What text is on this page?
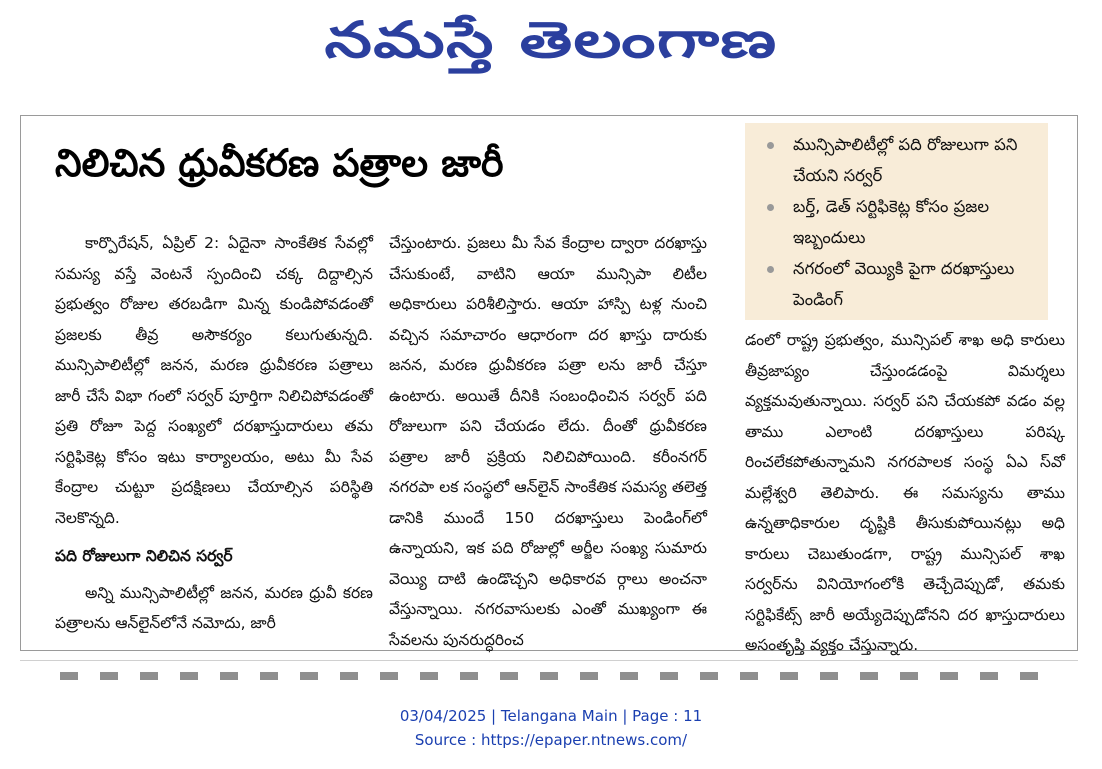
నమస్తే తెలంగాణ
నిలిచిన ధ్రువీకరణ పత్రాల జారీ	మున్సిపాలిటీల్లో పది రోజులుగా పని చేయని సర్వర్
బర్త్, డెత్ సర్టిఫికెట్ల కోసం ప్రజల ఇబ్బందులు
నగరంలో వెయ్యికి పైగా దరఖాస్తులు పెండింగ్

కార్పొరేషన్, ఏప్రిల్ 2: ఏదైనా సాంకేతిక సేవల్లో సమస్య వస్తే వెంటనే స్పందించి చక్క దిద్దాల్సిన ప్రభుత్వం రోజుల తరబడిగా మిన్న కుండిపోవడంతో ప్రజలకు తీవ్ర అసౌకర్యం కలుగుతున్నది. మున్సిపాలిటీల్లో జనన, మరణ ధ్రువీకరణ పత్రాలు జారీ చేసే విభా గంలో సర్వర్ పూర్తిగా నిలిచిపోవడంతో ప్రతి రోజూ పెద్ద సంఖ్యలో దరఖాస్తుదారులు తమ సర్టిఫికెట్ల కోసం ఇటు కార్యాలయం, అటు మీ సేవ కేంద్రాల చుట్టూ ప్రదక్షిణలు చేయాల్సిన పరిస్థితి నెలకొన్నది.

పది రోజులుగా నిలిచిన సర్వర్

అన్ని మున్సిపాలిటీల్లో జనన, మరణ ధ్రువీ కరణ పత్రాలను ఆన్‌లైన్‌లోనే నమోదు, జారీ

చేస్తుంటారు. ప్రజలు మీ సేవ కేంద్రాల ద్వారా దరఖాస్తు చేసుకుంటే, వాటిని ఆయా మున్సిపా లిటీల అధికారులు పరిశీలిస్తారు. ఆయా హాస్పి టళ్ల నుంచి వచ్చిన సమాచారం ఆధారంగా దర ఖాస్తు దారుకు జనన, మరణ ధ్రువీకరణ పత్రా లను జారీ చేస్తూ ఉంటారు. అయితే దీనికి సంబంధించిన సర్వర్ పది రోజులుగా పని చేయడం లేదు. దీంతో ధ్రువీకరణ పత్రాల జారీ ప్రక్రియ నిలిచిపోయింది. కరీంనగర్ నగరపా లక సంస్థలో ఆన్‌లైన్ సాంకేతిక సమస్య తలెత్త డానికి ముందే 150 దరఖాస్తులు పెండింగ్‌లో ఉన్నాయని, ఇక పది రోజుల్లో అర్జీల సంఖ్య సుమారు వెయ్యి దాటి ఉండొచ్చని అధికారవ ర్గాలు అంచనా వేస్తున్నాయి. నగరవాసులకు ఎంతో ముఖ్యంగా ఈ సేవలను పునరుద్ధరించ

డంలో రాష్ట్ర ప్రభుత్వం, మున్సిపల్ శాఖ అధి కారులు తీవ్రజాప్యం చేస్తుండడంపై విమర్శలు వ్యక్తమవుతున్నాయి. సర్వర్ పని చేయకపో వడం వల్ల తాము ఎలాంటి దరఖాస్తులు పరిష్క రించలేకపోతున్నామని నగరపాలక సంస్థ ఏఎ స్‌వో మల్లేశ్వరి తెలిపారు. ఈ సమస్యను తాము ఉన్నతాధికారుల దృష్టికి తీసుకుపోయినట్లు అధి కారులు చెబుతుండగా, రాష్ట్ర మున్సిపల్ శాఖ సర్వర్‌ను వినియోగంలోకి తెచ్చేదెప్పుడో, తమకు సర్టిఫికేట్స్ జారీ అయ్యేదెప్పుడోనని దర ఖాస్తుదారులు అసంతృప్తి వ్యక్తం చేస్తున్నారు.

03/04/2025 | Telangana Main | Page : 11
Source : https://epaper.ntnews.com/
